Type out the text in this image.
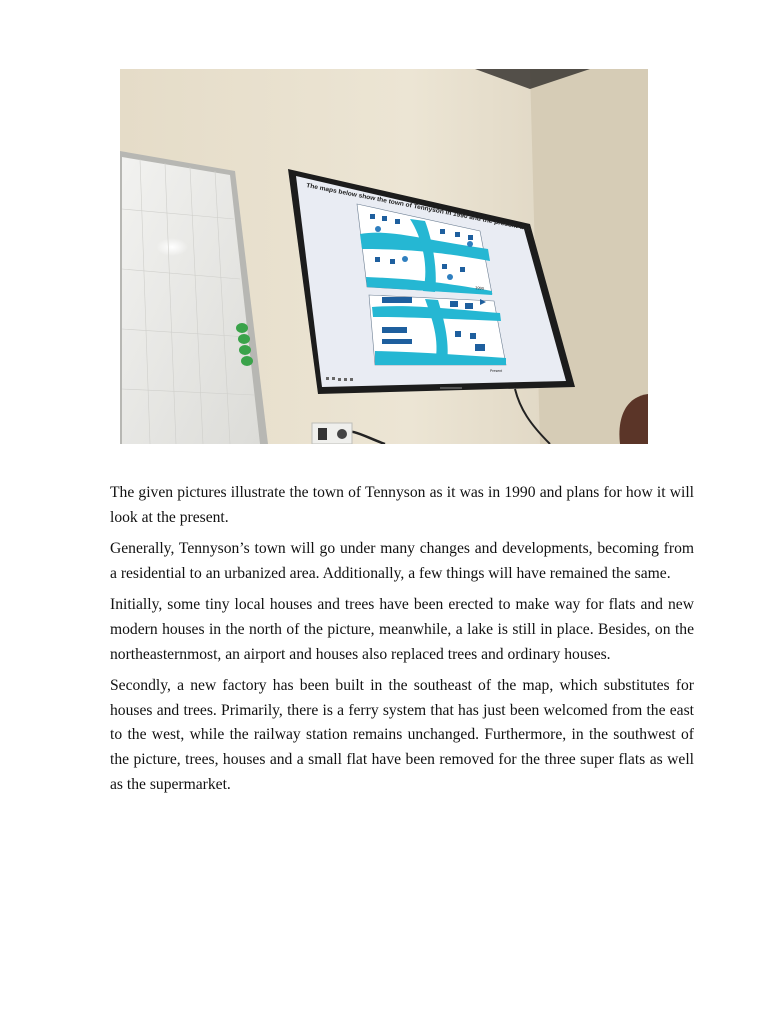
The maps below show the town of Tennyson in 1990 and the present day.
1990
Present

The given pictures illustrate the town of Tennyson as it was in 1990 and plans for how it will look at the present.

Generally, Tennyson’s town will go under many changes and developments, becoming from a residential to an urbanized area. Additionally, a few things will have remained the same.

Initially, some tiny local houses and trees have been erected to make way for flats and new modern houses in the north of the picture, meanwhile, a lake is still in place. Besides, on the northeasternmost, an airport and houses also replaced trees and ordinary houses.

Secondly, a new factory has been built in the southeast of the map, which substitutes for houses and trees. Primarily, there is a ferry system that has just been welcomed from the east to the west, while the railway station remains unchanged. Furthermore, in the southwest of the picture, trees, houses and a small flat have been removed for the three super flats as well as the supermarket.
